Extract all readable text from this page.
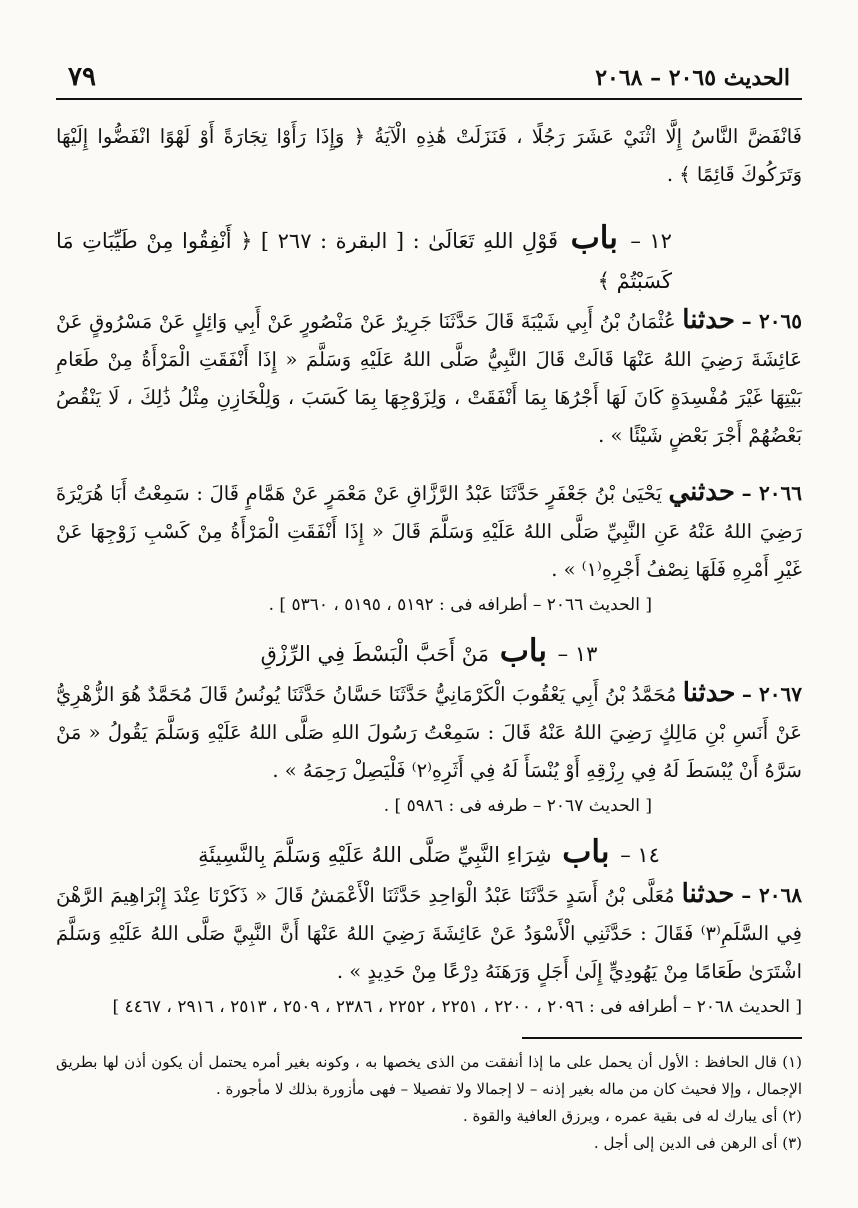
الحديث ٢٠٦٥ – ٢٠٦٨
٧٩

فَانْفَضَّ النَّاسُ إِلَّا اثْنَيْ عَشَرَ رَجُلًا ، فَنَزَلَتْ هَٰذِهِ الْآيَةُ ﴿ وَإِذَا رَأَوْا تِجَارَةً أَوْ لَهْوًا انْفَضُّوا إِلَيْهَا وَتَرَكُوكَ قَائِمًا ﴾ .

١٢ – باب قَوْلِ اللهِ تَعَالَىٰ : [ البقرة : ٢٦٧ ] ﴿ أَنْفِقُوا مِنْ طَيِّبَاتِ مَا كَسَبْتُمْ ﴾

٢٠٦٥ – حدثنا عُثْمَانُ بْنُ أَبِي شَيْبَةَ قَالَ حَدَّثَنَا جَرِيرٌ عَنْ مَنْصُورٍ عَنْ أَبِي وَائِلٍ عَنْ مَسْرُوقٍ عَنْ عَائِشَةَ رَضِيَ اللهُ عَنْهَا قَالَتْ قَالَ النَّبِيُّ صَلَّى اللهُ عَلَيْهِ وَسَلَّمَ « إِذَا أَنْفَقَتِ الْمَرْأَةُ مِنْ طَعَامِ بَيْتِهَا غَيْرَ مُفْسِدَةٍ كَانَ لَهَا أَجْرُهَا بِمَا أَنْفَقَتْ ، وَلِزَوْجِهَا بِمَا كَسَبَ ، وَلِلْخَازِنِ مِثْلُ ذَٰلِكَ ، لَا يَنْقُصُ بَعْضُهُمْ أَجْرَ بَعْضٍ شَيْئًا » .

٢٠٦٦ – حدثني يَحْيَىٰ بْنُ جَعْفَرٍ حَدَّثَنَا عَبْدُ الرَّزَّاقِ عَنْ مَعْمَرٍ عَنْ هَمَّامٍ قَالَ : سَمِعْتُ أَبَا هُرَيْرَةَ رَضِيَ اللهُ عَنْهُ عَنِ النَّبِيِّ صَلَّى اللهُ عَلَيْهِ وَسَلَّمَ قَالَ « إِذَا أَنْفَقَتِ الْمَرْأَةُ مِنْ كَسْبِ زَوْجِهَا عَنْ غَيْرِ أَمْرِهِ فَلَهَا نِصْفُ أَجْرِهِ⁽١⁾ » .

[ الحديث ٢٠٦٦ – أطرافه فى : ٥١٩٢ ، ٥١٩٥ ، ٥٣٦٠ ] .

١٣ – باب مَنْ أَحَبَّ الْبَسْطَ فِي الرِّزْقِ

٢٠٦٧ – حدثنا مُحَمَّدُ بْنُ أَبِي يَعْقُوبَ الْكَرْمَانِيُّ حَدَّثَنَا حَسَّانُ حَدَّثَنَا يُونُسُ قَالَ مُحَمَّدٌ هُوَ الزُّهْرِيُّ عَنْ أَنَسِ بْنِ مَالِكٍ رَضِيَ اللهُ عَنْهُ قَالَ : سَمِعْتُ رَسُولَ اللهِ صَلَّى اللهُ عَلَيْهِ وَسَلَّمَ يَقُولُ « مَنْ سَرَّهُ أَنْ يُبْسَطَ لَهُ فِي رِزْقِهِ أَوْ يُنْسَأَ لَهُ فِي أَثَرِهِ⁽٢⁾ فَلْيَصِلْ رَحِمَهُ » .

[ الحديث ٢٠٦٧ – طرفه فى : ٥٩٨٦ ] .

١٤ – باب شِرَاءِ النَّبِيِّ صَلَّى اللهُ عَلَيْهِ وَسَلَّمَ بِالنَّسِيئَةِ

٢٠٦٨ – حدثنا مُعَلَّى بْنُ أَسَدٍ حَدَّثَنَا عَبْدُ الْوَاحِدِ حَدَّثَنَا الْأَعْمَشُ قَالَ « ذَكَرْنَا عِنْدَ إِبْرَاهِيمَ الرَّهْنَ فِي السَّلَمِ⁽٣⁾ فَقَالَ : حَدَّثَنِي الْأَسْوَدُ عَنْ عَائِشَةَ رَضِيَ اللهُ عَنْهَا أَنَّ النَّبِيَّ صَلَّى اللهُ عَلَيْهِ وَسَلَّمَ اشْتَرَىٰ طَعَامًا مِنْ يَهُودِيٍّ إِلَىٰ أَجَلٍ وَرَهَنَهُ دِرْعًا مِنْ حَدِيدٍ » .

[ الحديث ٢٠٦٨ – أطرافه فى : ٢٠٩٦ ، ٢٢٠٠ ، ٢٢٥١ ، ٢٢٥٢ ، ٢٣٨٦ ، ٢٥٠٩ ، ٢٥١٣ ، ٢٩١٦ ، ٤٤٦٧ ]

(١) قال الحافظ : الأول أن يحمل على ما إذا أنفقت من الذى يخصها به ، وكونه بغير أمره يحتمل أن يكون أذن لها بطريق الإجمال ، وإلا فحيث كان من ماله بغير إذنه – لا إجمالا ولا تفصيلا – فهى مأزورة بذلك لا مأجورة .

(٢) أى يبارك له فى بقية عمره ، ويرزق العافية والقوة .

(٣) أى الرهن فى الدين إلى أجل .
